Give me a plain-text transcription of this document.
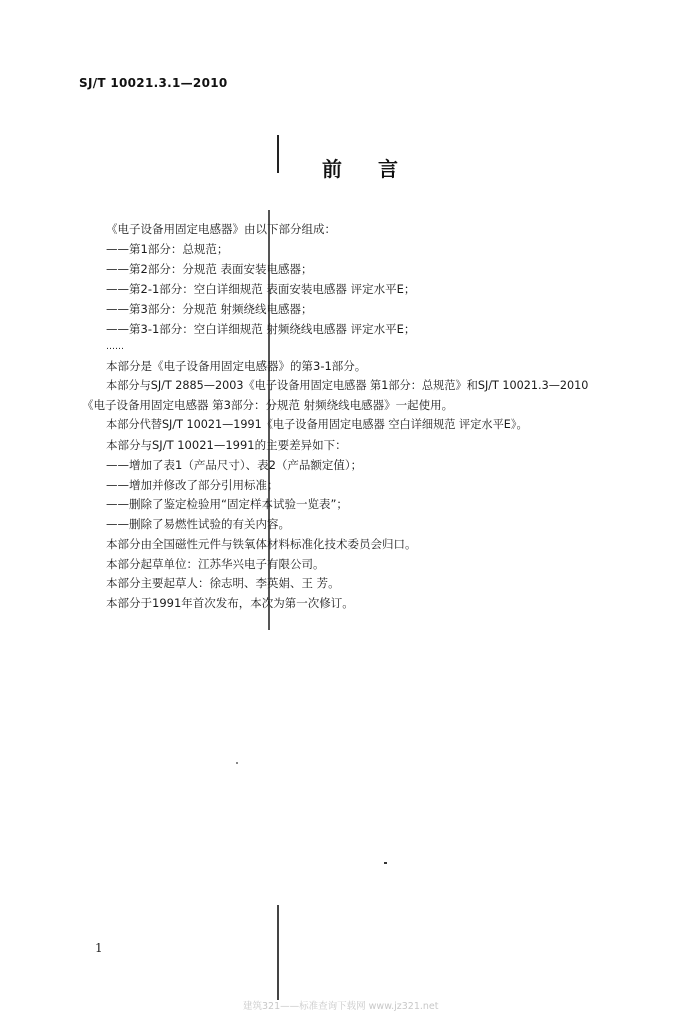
SJ/T 10021.3.1—2010
前言
《电子设备用固定电感器》由以下部分组成：
——第1部分：总规范；
——第2部分：分规范 表面安装电感器；
——第2-1部分：空白详细规范 表面安装电感器 评定水平E；
——第3部分：分规范 射频绕线电感器；
——第3-1部分：空白详细规范 射频绕线电感器 评定水平E；
……
本部分是《电子设备用固定电感器》的第3-1部分。
本部分与SJ/T 2885—2003《电子设备用固定电感器 第1部分：总规范》和SJ/T 10021.3—2010
《电子设备用固定电感器 第3部分：分规范 射频绕线电感器》一起使用。
本部分代替SJ/T 10021—1991《电子设备用固定电感器 空白详细规范 评定水平E》。
本部分与SJ/T 10021—1991的主要差异如下：
——增加了表1（产品尺寸）、表2（产品额定值）；
——增加并修改了部分引用标准；
——删除了鉴定检验用“固定样本试验一览表”；
——删除了易燃性试验的有关内容。
本部分由全国磁性元件与铁氧体材料标准化技术委员会归口。
本部分起草单位：江苏华兴电子有限公司。
本部分主要起草人：徐志明、李英娟、王 芳。
本部分于1991年首次发布，本次为第一次修订。
1
建筑321——标准查询下载网 www.jz321.net
